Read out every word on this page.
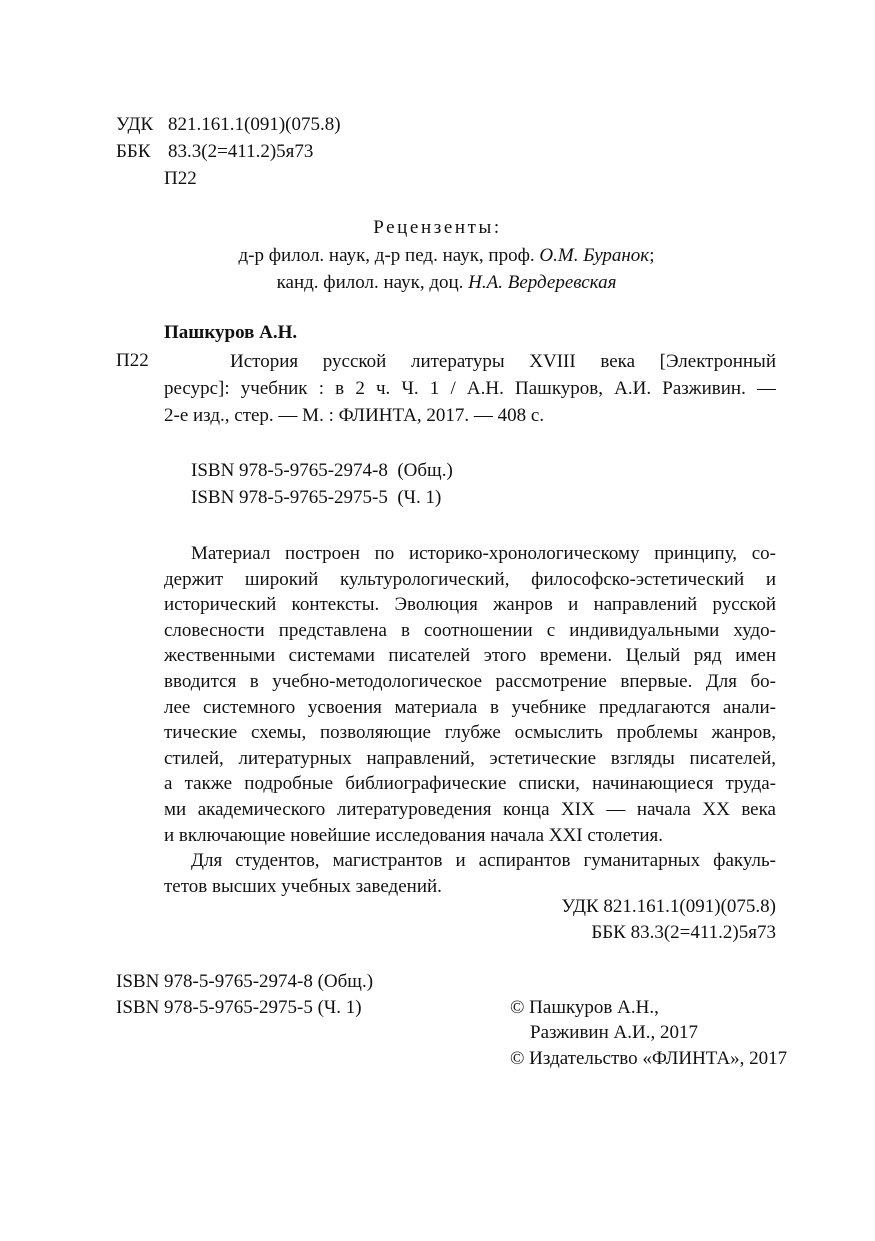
УДК 821.161.1(091)(075.8)
ББК 83.3(2=411.2)5я73
П22
Рецензенты:
д-р филол. наук, д-р пед. наук, проф. О.М. Буранок;
канд. филол. наук, доц. Н.А. Вердеревская
Пашкуров А.Н.
П22	История русской литературы XVIII века [Электронный
ресурс]: учебник : в 2 ч. Ч. 1 / А.Н. Пашкуров, А.И. Разживин. —
2-е изд., стер. — М. : ФЛИНТА, 2017. — 408 с.
ISBN 978-5-9765-2974-8  (Общ.)
ISBN 978-5-9765-2975-5  (Ч. 1)
Материал построен по историко-хронологическому принципу, со-
держит широкий культурологический, философско-эстетический и
исторический контексты. Эволюция жанров и направлений русской
словесности представлена в соотношении с индивидуальными худо-
жественными системами писателей этого времени. Целый ряд имен
вводится в учебно-методологическое рассмотрение впервые. Для бо-
лее системного усвоения материала в учебнике предлагаются анали-
тические схемы, позволяющие глубже осмыслить проблемы жанров,
стилей, литературных направлений, эстетические взгляды писателей,
а также подробные библиографические списки, начинающиеся труда-
ми академического литературоведения конца XIX — начала XX века
и включающие новейшие исследования начала XXI столетия.
Для студентов, магистрантов и аспирантов гуманитарных факуль-
тетов высших учебных заведений.
УДК 821.161.1(091)(075.8)
ББК 83.3(2=411.2)5я73
ISBN 978-5-9765-2974-8 (Общ.)
ISBN 978-5-9765-2975-5 (Ч. 1)	© Пашкуров А.Н.,
Разживин А.И., 2017
© Издательство «ФЛИНТА», 2017
